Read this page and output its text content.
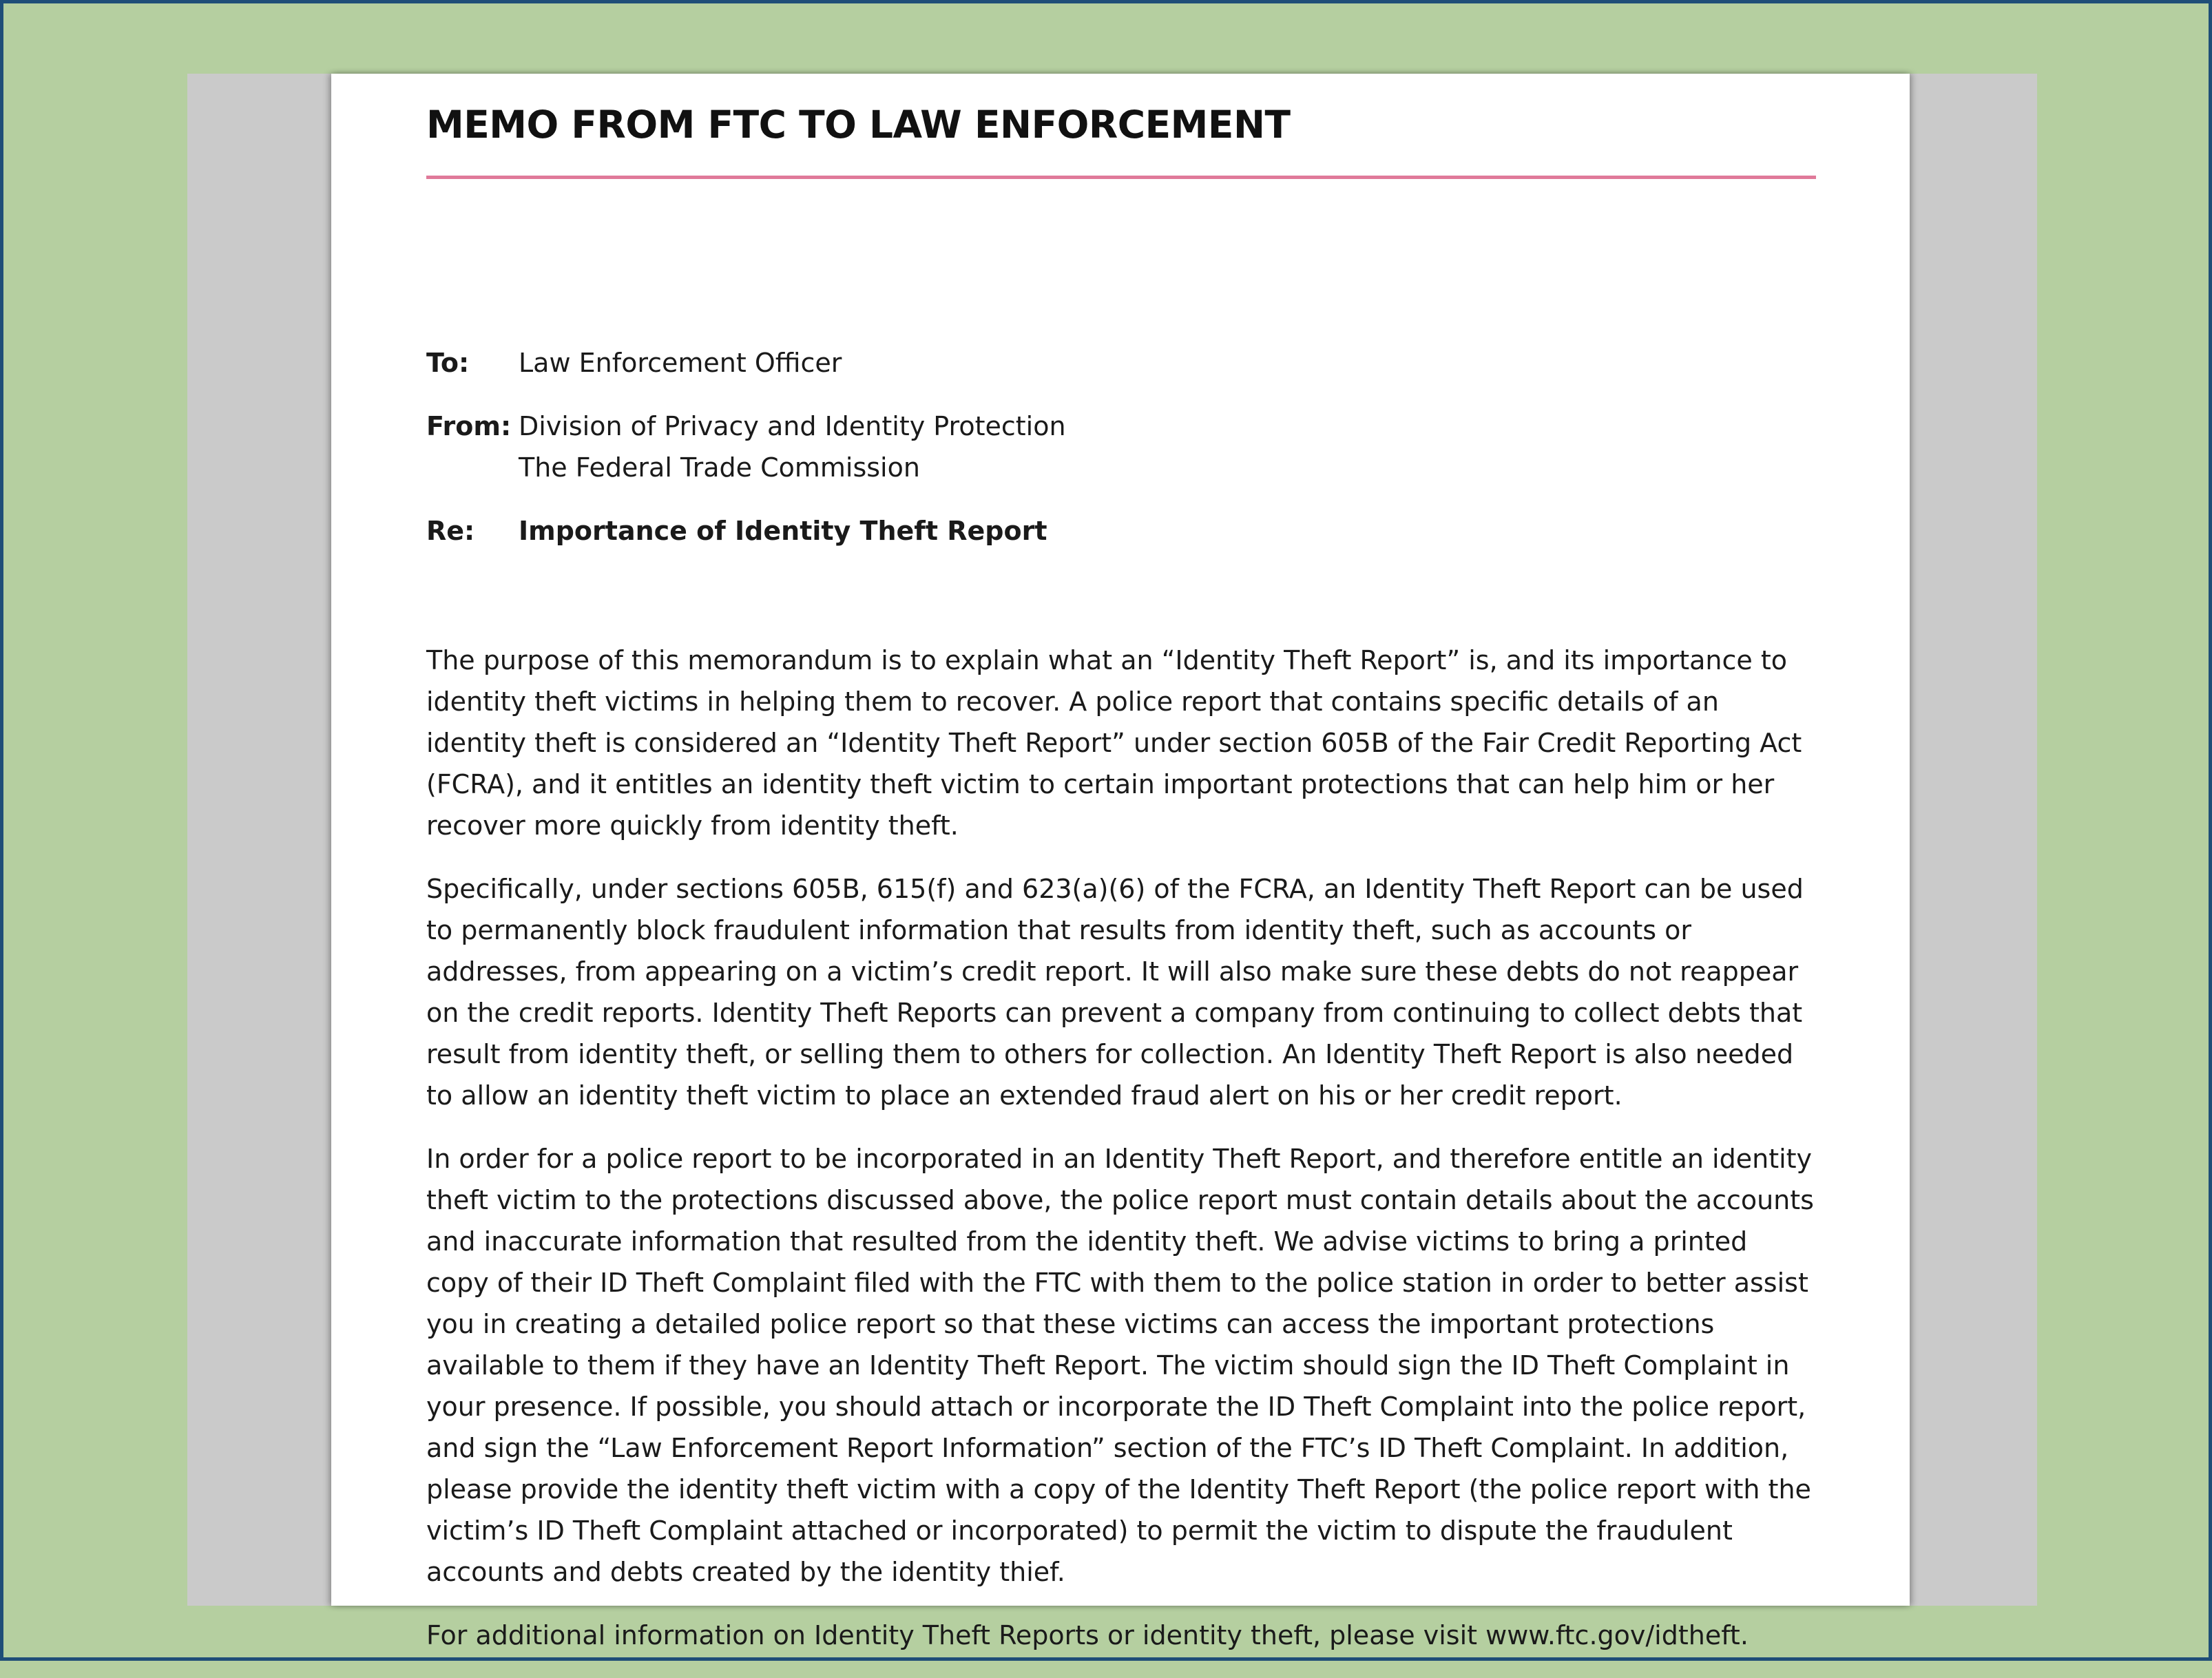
MEMO FROM FTC TO LAW ENFORCEMENT
To:	Law Enforcement Officer
From: Division of Privacy and Identity Protection
The Federal Trade Commission
Re:	Importance of Identity Theft Report

The purpose of this memorandum is to explain what an “Identity Theft Report” is, and its importance to identity theft victims in helping them to recover. A police report that contains specific details of an identity theft is considered an “Identity Theft Report” under section 605B of the Fair Credit Reporting Act (FCRA), and it entitles an identity theft victim to certain important protections that can help him or her recover more quickly from identity theft.

Specifically, under sections 605B, 615(f) and 623(a)(6) of the FCRA, an Identity Theft Report can be used to permanently block fraudulent information that results from identity theft, such as accounts or addresses, from appearing on a victim’s credit report. It will also make sure these debts do not reappear on the credit reports. Identity Theft Reports can prevent a company from continuing to collect debts that result from identity theft, or selling them to others for collection. An Identity Theft Report is also needed to allow an identity theft victim to place an extended fraud alert on his or her credit report.

In order for a police report to be incorporated in an Identity Theft Report, and therefore entitle an identity theft victim to the protections discussed above, the police report must contain details about the accounts and inaccurate information that resulted from the identity theft. We advise victims to bring a printed copy of their ID Theft Complaint filed with the FTC with them to the police station in order to better assist you in creating a detailed police report so that these victims can access the important protections available to them if they have an Identity Theft Report. The victim should sign the ID Theft Complaint in your presence. If possible, you should attach or incorporate the ID Theft Complaint into the police report, and sign the “Law Enforcement Report Information” section of the FTC’s ID Theft Complaint. In addition, please provide the identity theft victim with a copy of the Identity Theft Report (the police report with the victim’s ID Theft Complaint attached or incorporated) to permit the victim to dispute the fraudulent accounts and debts created by the identity thief.

For additional information on Identity Theft Reports or identity theft, please visit www.ftc.gov/idtheft.
